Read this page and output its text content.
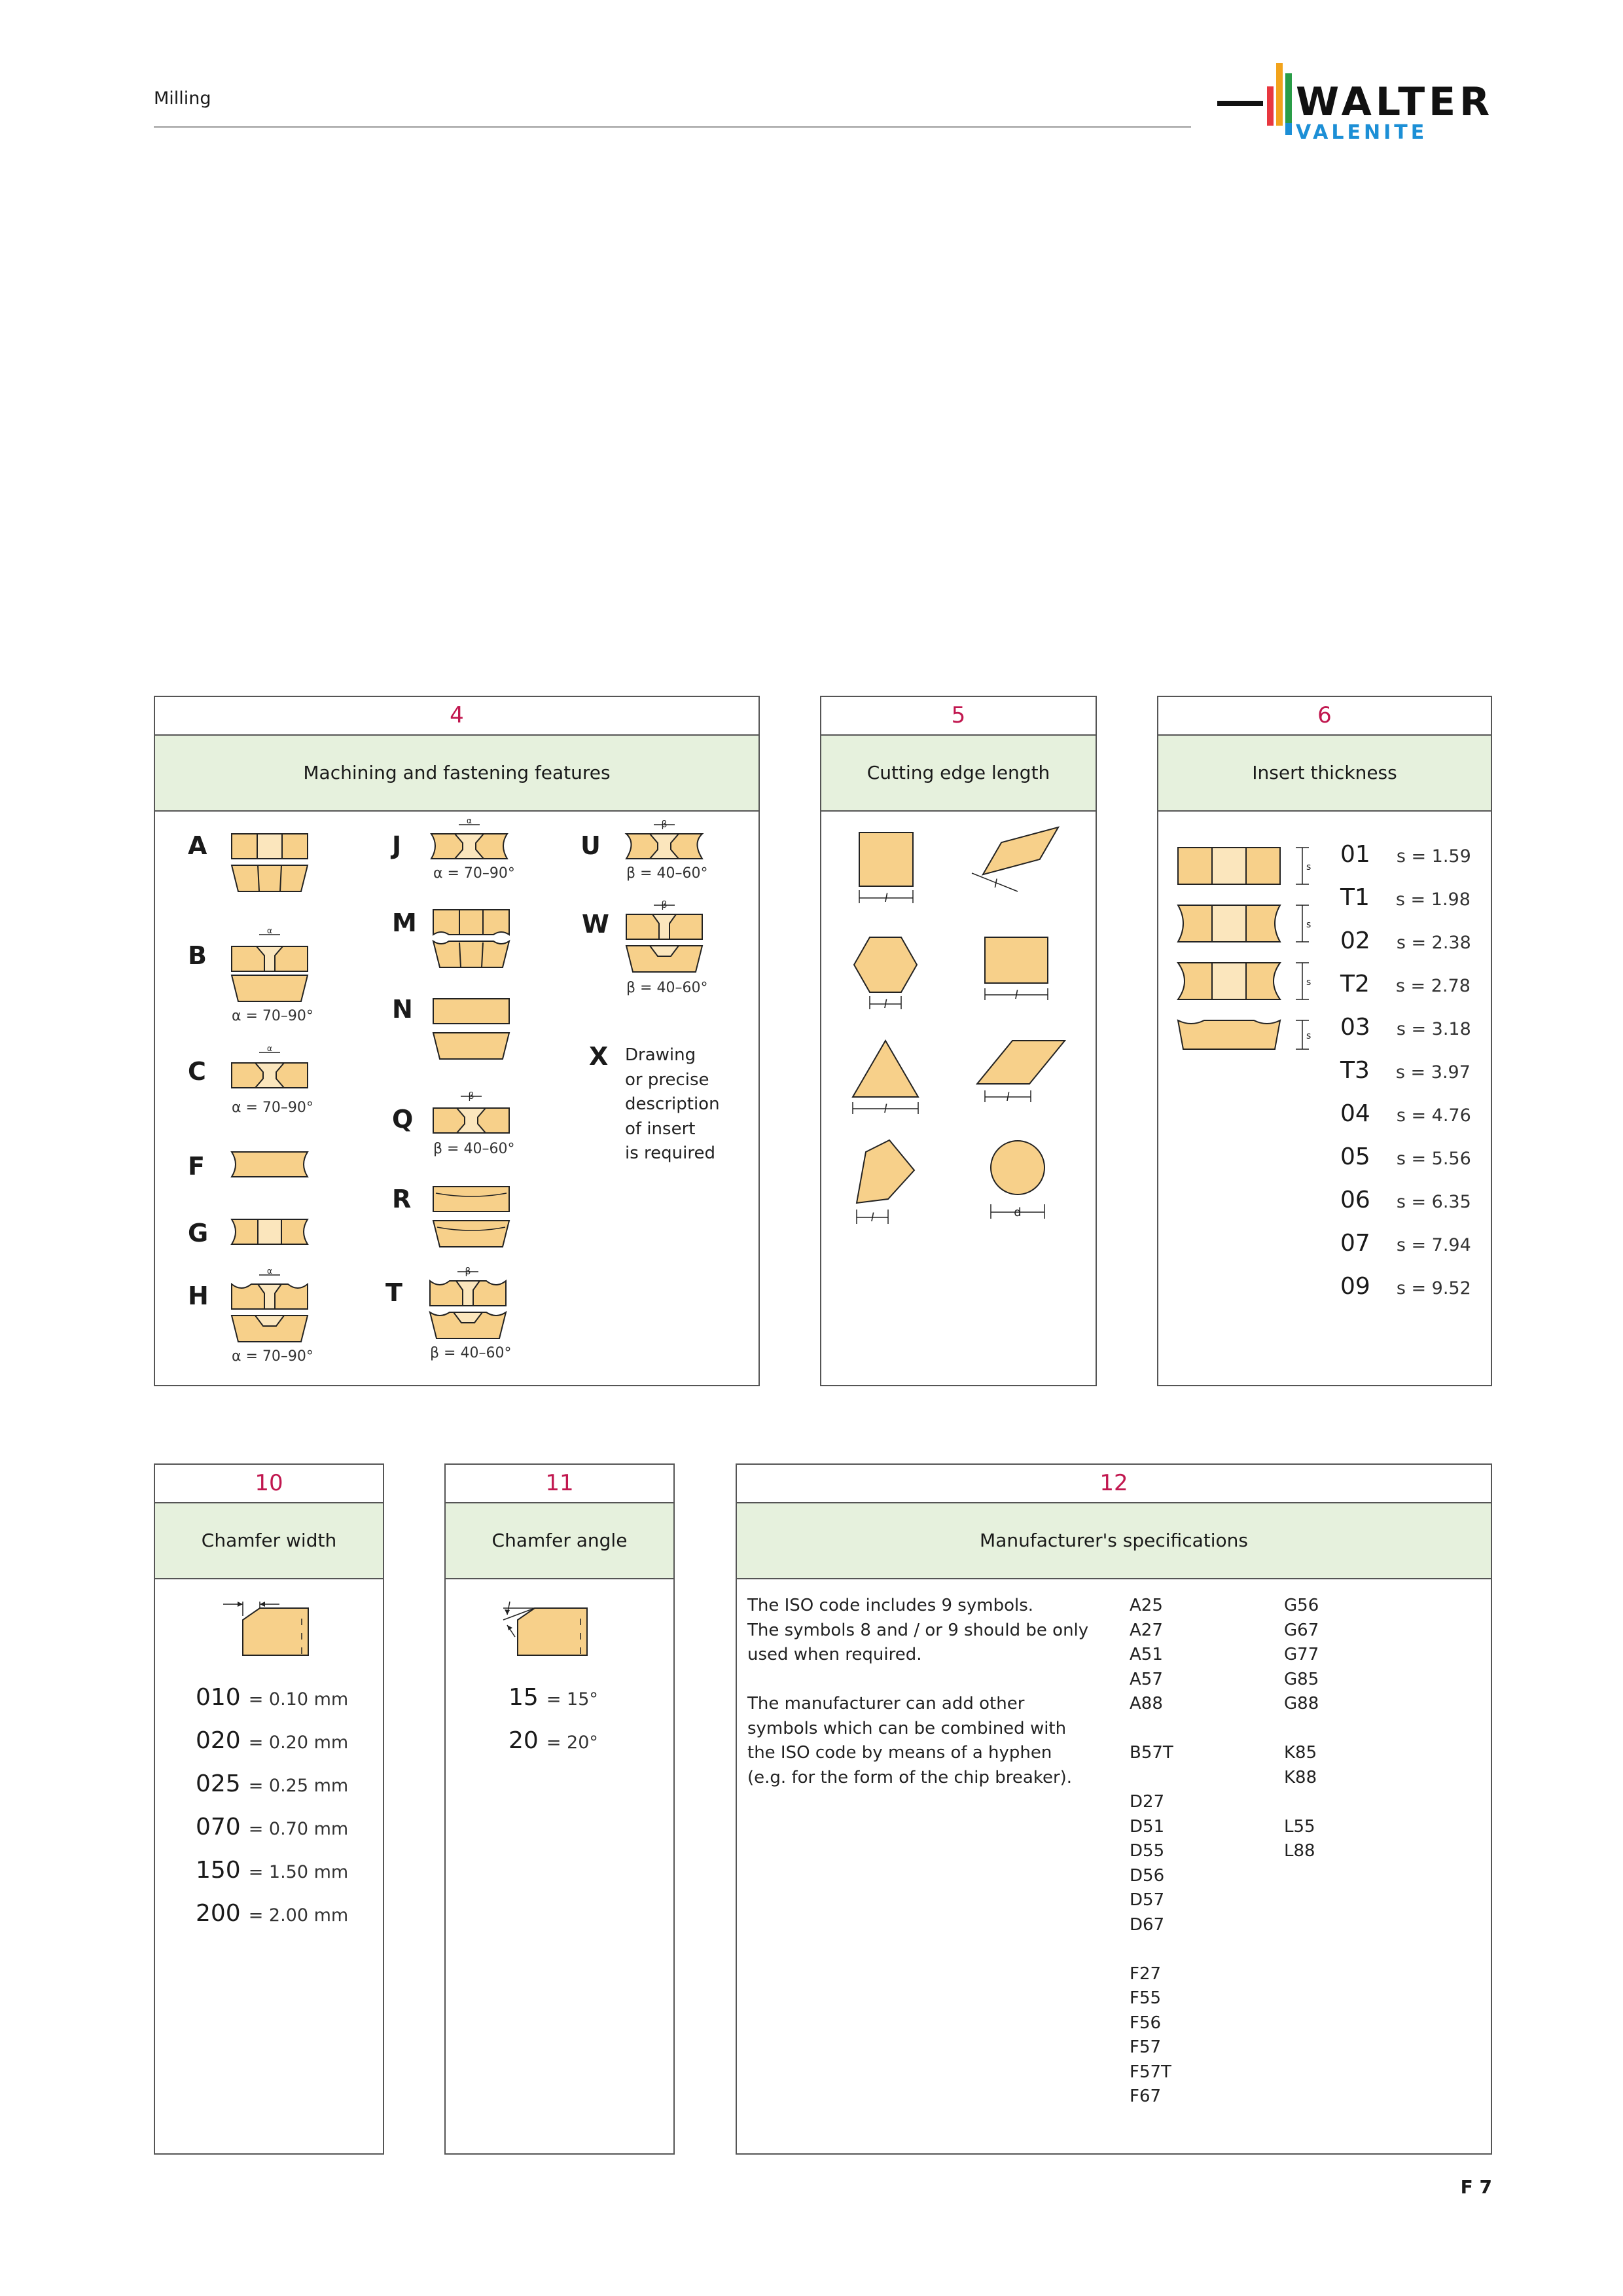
Milling	WALTER
VALENITE
4
Machining and fastening features
A
B
α
α = 70–90°
C
α
α = 70–90°
F
G
H
α
α = 70–90°
J
α
α = 70–90°
M
N
Q
β
β = 40–60°
R
T
β
β = 40–60°
U
β
β = 40–60°
W
β
β = 40–60°
X Drawing
or precise
description
of insert
is required
5
Cutting edge length
l
l
l
l
l
l
l	d
6
Insert thickness
s
s
s
s
01 s = 1.59
T1 s = 1.98
02 s = 2.38
T2 s = 2.78
03 s = 3.18
T3 s = 3.97
04 s = 4.76
05 s = 5.56
06 s = 6.35
07 s = 7.94
09 s = 9.52
10
Chamfer width
010 = 0.10 mm
020 = 0.20 mm
025 = 0.25 mm
070 = 0.70 mm
150 = 1.50 mm
200 = 2.00 mm
11
Chamfer angle
15 = 15°
20 = 20°
12
Manufacturer's specifications
The ISO code includes 9 symbols.
The symbols 8 and / or 9 should be only
used when required.
The manufacturer can add other
symbols which can be combined with
the ISO code by means of a hyphen
(e.g. for the form of the chip breaker).
A25
A27
A51
A57
A88
B57T
D27
D51
D55
D56
D57
D67
F27
F55
F56
F57
F57T
F67
G56
G67
G77
G85
G88
K85
K88
L55
L88
F 7
